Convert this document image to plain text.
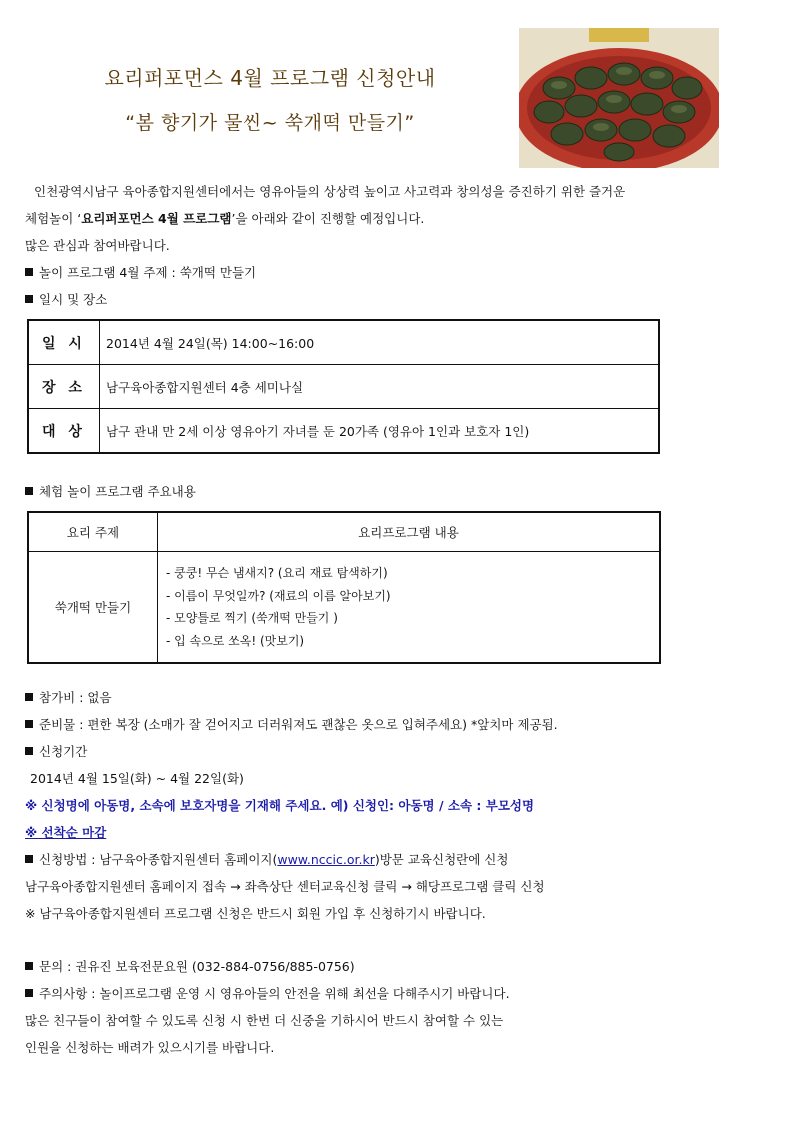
요리퍼포먼스 4월 프로그램 신청안내
“봄 향기가 물씬~ 쑥개떡 만들기”
인천광역시남구 육아종합지원센터에서는 영유아들의 상상력 높이고 사고력과 창의성을 증진하기 위한 즐거운
체험놀이 ‘요리퍼포먼스 4월 프로그램’을 아래와 같이 진행할 예정입니다.
많은 관심과 참여바랍니다.
놀이 프로그램 4월 주제 : 쑥개떡 만들기
일시 및 장소
일 시	2014년 4월 24일(목) 14:00~16:00
장 소	남구육아종합지원센터 4층 세미나실
대 상	남구 관내 만 2세 이상 영유아기 자녀를 둔 20가족 (영유아 1인과 보호자 1인)
체험 놀이 프로그램 주요내용
요리 주제	요리프로그램 내용
쑥개떡 만들기	- 쿵쿵! 무슨 냄새지? (요리 재료 탐색하기)
- 이름이 무엇일까? (재료의 이름 알아보기)
- 모양틀로 찍기 (쑥개떡 만들기 )
- 입 속으로 쏘옥! (맛보기)
참가비 : 없음
준비물 : 편한 복장 (소매가 잘 걷어지고 더러워져도 괜찮은 옷으로 입혀주세요) *앞치마 제공됨.
신청기간
2014년 4월 15일(화) ~ 4월 22일(화)
※ 신청명에 아동명, 소속에 보호자명을 기재해 주세요. 예) 신청인: 아동명 / 소속 : 부모성명
※ 선착순 마감
신청방법 : 남구육아종합지원센터 홈페이지(www.nccic.or.kr)방문 교육신청란에 신청
남구육아종합지원센터 홈페이지 접속 → 좌측상단 센터교육신청 클릭 → 해당프로그램 클릭 신청
※ 남구육아종합지원센터 프로그램 신청은 반드시 회원 가입 후 신청하기시 바랍니다.
문의 : 권유진 보육전문요원 (032-884-0756/885-0756)
주의사항 : 놀이프로그램 운영 시 영유아들의 안전을 위해 최선을 다해주시기 바랍니다.
많은 친구들이 참여할 수 있도록 신청 시 한번 더 신중을 기하시어 반드시 참여할 수 있는
인원을 신청하는 배려가 있으시기를 바랍니다.
